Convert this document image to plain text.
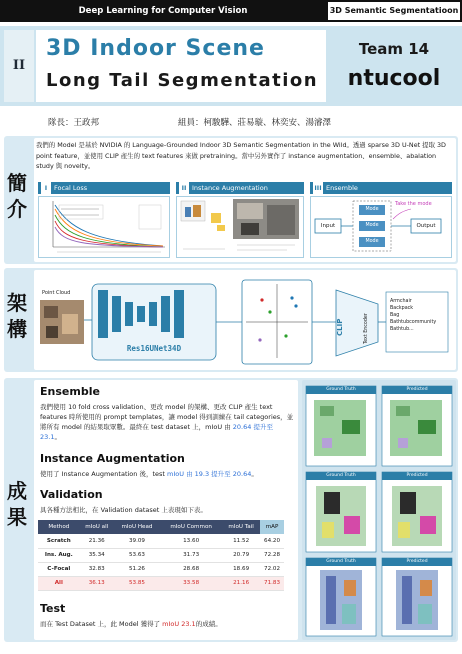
Deep Learning for Computer Vision	3D Semantic Segmentatioon
II
3D Indoor Scene
Long Tail Segmentation
Team 14
ntucool
隊長：王政邦	組員：柯駿驊、莊易璇、林奕安、湯濬澤
簡介
我們的 Model 是基於 NVIDIA 的 Language-Grounded Indoor 3D Semantic Segmentation in the Wild。透過 sparse 3D U-Net 提取 3D point feature，並使用 CLIP 產生的 text features 來做 pretraining。當中另外實作了 instance augmentation、ensemble、abalation study 與 novelty。
I Focal Loss	II Instance Augmentation	III Ensemble
Input
Mode
Mode
Mode
Output
Take the mode
架構
Point Cloud
Res16UNet34D
CLIP	Text Encoder
Armchair
Backpack
Bag
Bathtubcommunity
Bathtub...
成果
Ensemble
我們使用 10 fold cross validation、更改 model 的架構、更改 CLIP 產生 text features 時所使用的 prompt templates，讓 model 得到訓練在 tail categories，並將所有 model 的結果取眾數。最終在 test dataset 上，mIoU 由 20.64 提升至 23.1。
Instance Augmentation
使用了 Instance Augmentation 後，test mIoU 由 19.3 提升至 20.64。
Validation
具各種方法相比，在 Validation dataset 上表現如下表。
Method	mIoU all	mIoU Head	mIoU Common	mIoU Tail	mAP
Scratch	21.36	39.09	13.60	11.52	64.20
Ins. Aug.	35.34	53.63	31.73	20.79	72.28
C-Focal	32.83	51.26	28.68	18.69	72.02
All	36.13	53.85	33.58	21.16	71.83
Test
而在 Test Dataset 上，此 Model 獲得了 mIoU 23.1的成績。
Ground Truth	Predicted
Ground Truth	Predicted
Ground Truth	Predicted
